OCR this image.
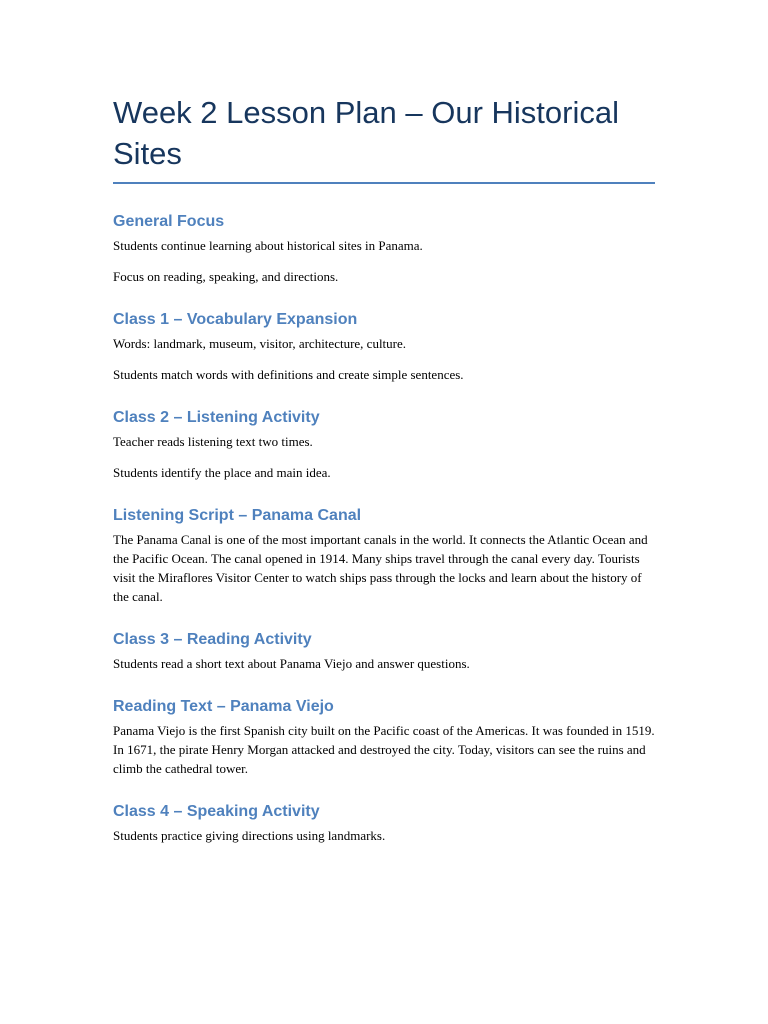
Week 2 Lesson Plan – Our Historical Sites
General Focus

Students continue learning about historical sites in Panama.

Focus on reading, speaking, and directions.

Class 1 – Vocabulary Expansion

Words: landmark, museum, visitor, architecture, culture.

Students match words with definitions and create simple sentences.

Class 2 – Listening Activity

Teacher reads listening text two times.

Students identify the place and main idea.

Listening Script – Panama Canal

The Panama Canal is one of the most important canals in the world. It connects the Atlantic Ocean and the Pacific Ocean. The canal opened in 1914. Many ships travel through the canal every day. Tourists visit the Miraflores Visitor Center to watch ships pass through the locks and learn about the history of the canal.

Class 3 – Reading Activity

Students read a short text about Panama Viejo and answer questions.

Reading Text – Panama Viejo

Panama Viejo is the first Spanish city built on the Pacific coast of the Americas. It was founded in 1519. In 1671, the pirate Henry Morgan attacked and destroyed the city. Today, visitors can see the ruins and climb the cathedral tower.

Class 4 – Speaking Activity

Students practice giving directions using landmarks.
